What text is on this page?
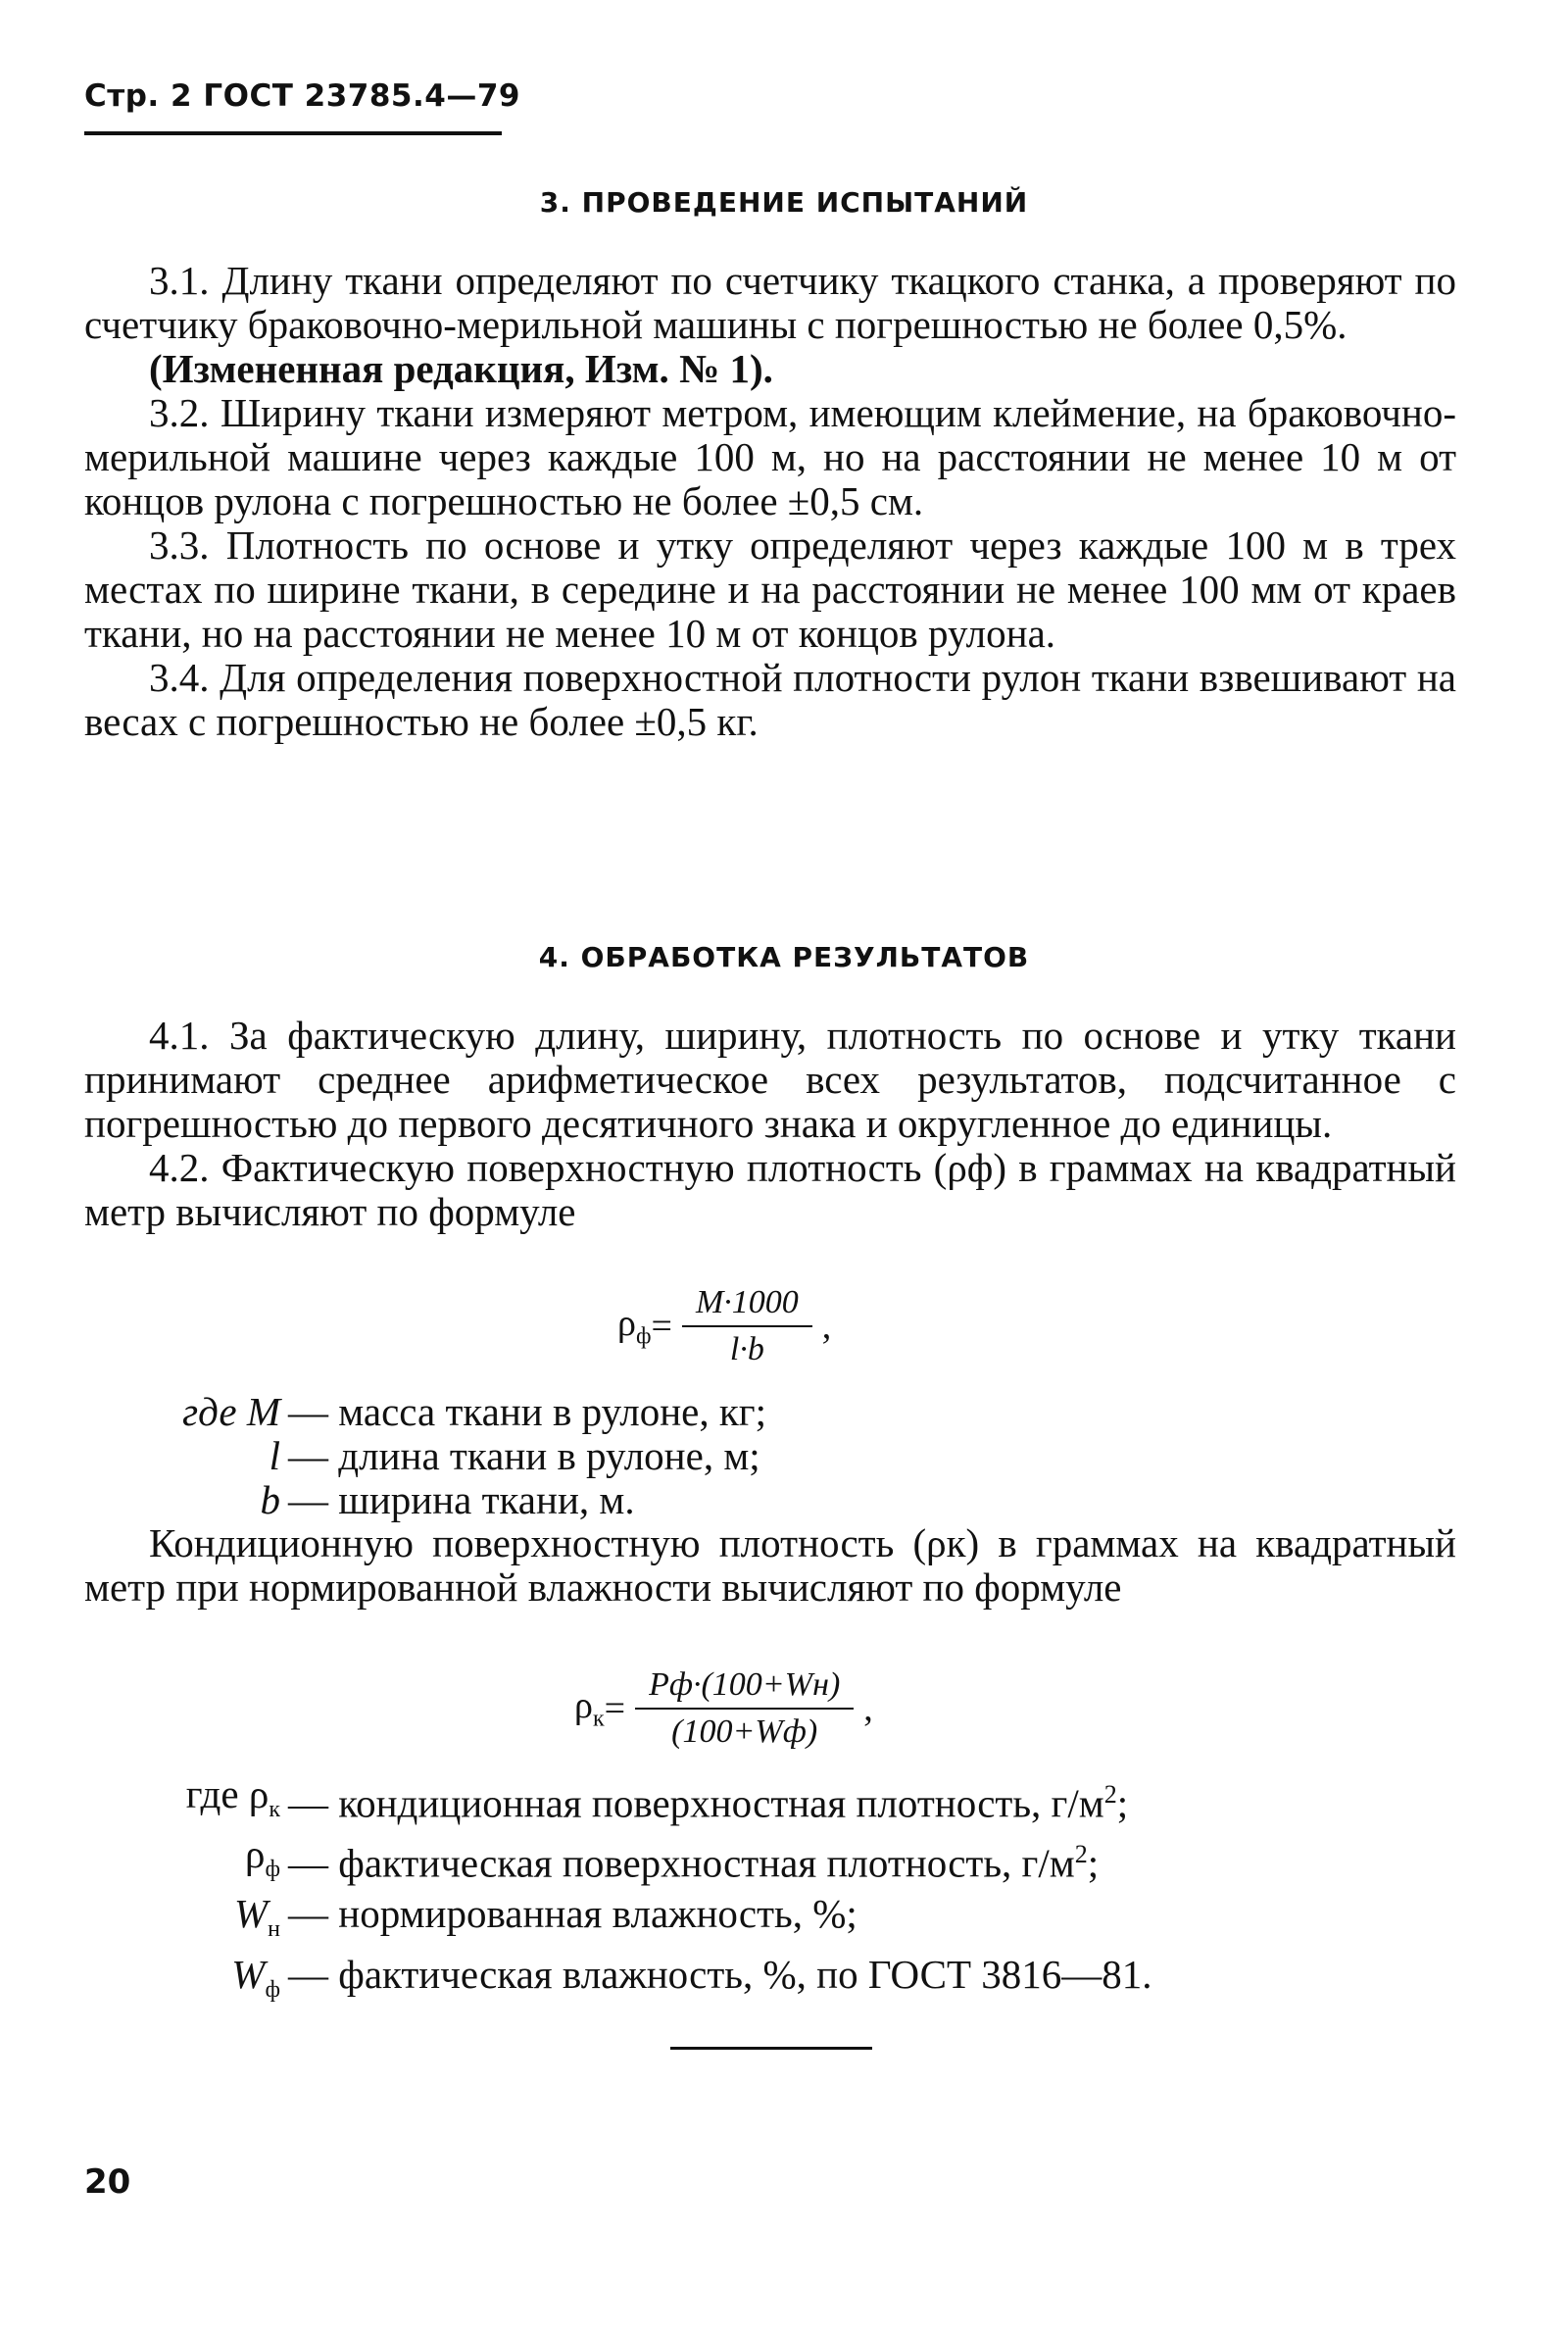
Стр. 2 ГОСТ 23785.4—79
3. ПРОВЕДЕНИЕ ИСПЫТАНИЙ

3.1. Длину ткани определяют по счетчику ткацкого станка, а проверяют по счетчику браковочно-мерильной машины с погрешностью не более 0,5%.

(Измененная редакция, Изм. № 1).

3.2. Ширину ткани измеряют метром, имеющим клеймение, на браковочно-мерильной машине через каждые 100 м, но на расстоянии не менее 10 м от концов рулона с погрешностью не более ±0,5 см.

3.3. Плотность по основе и утку определяют через каждые 100 м в трех местах по ширине ткани, в середине и на расстоянии не менее 100 мм от краев ткани, но на расстоянии не менее 10 м от концов рулона.

3.4. Для определения поверхностной плотности рулон ткани взвешивают на весах с погрешностью не более ±0,5 кг.

4. ОБРАБОТКА РЕЗУЛЬТАТОВ

4.1. За фактическую длину, ширину, плотность по основе и утку ткани принимают среднее арифметическое всех результатов, подсчитанное с погрешностью до первого десятичного знака и округленное до единицы.

4.2. Фактическую поверхностную плотность (ρф) в граммах на квадратный метр вычисляют по формуле

$\rho_ф = \frac{M\cdot 1000}{l\cdot b}$ ,
где M — масса ткани в рулоне, кг;
l — длина ткани в рулоне, м;
b — ширина ткани, м.

Кондиционную поверхностную плотность (ρк) в граммах на квадратный метр при нормированной влажности вычисляют по формуле

$\rho_к = \frac{Pф\cdot(100+Wн)}{(100+Wф)}$ ,
где $\rho_к$ — кондиционная поверхностная плотность, $г/м^2$;
$\rho_ф$ — фактическая поверхностная плотность, $г/м^2$;
$W_н$ — нормированная влажность, %;
$W_ф$ — фактическая влажность, %, по ГОСТ 3816—81.
20
